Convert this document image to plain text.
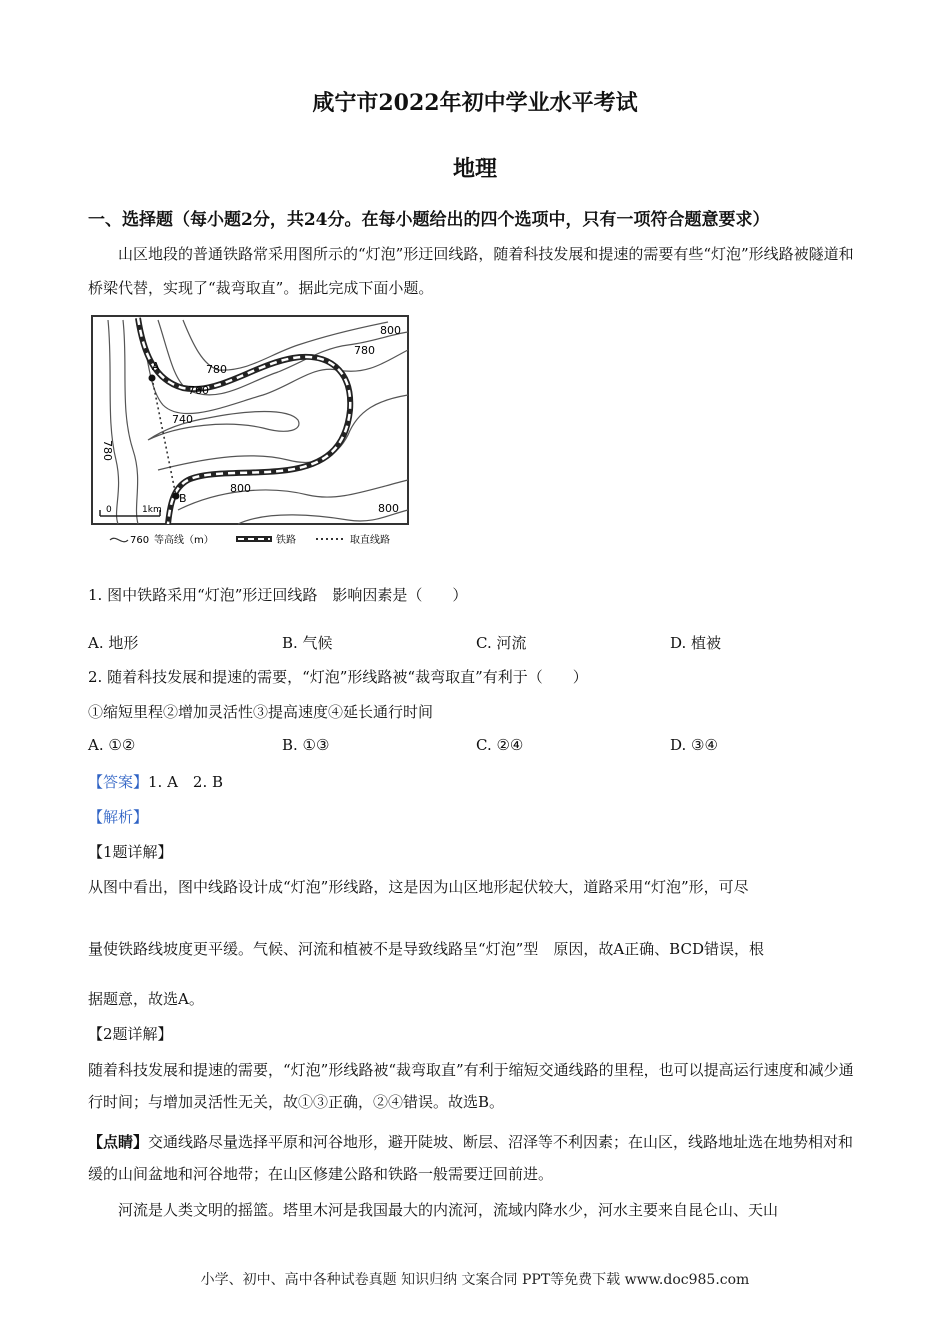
咸宁市2022年初中学业水平考试
地理
一、选择题（每小题2分，共24分。在每小题给出的四个选项中，只有一项符合题意要求）
山区地段的普通铁路常采用图所示的“灯泡”形迂回线路，随着科技发展和提速的需要有些“灯泡”形线路被隧道和桥梁代替，实现了“裁弯取直”。据此完成下面小题。
A
B
800
780
780
760
740
780
800
800
0	1km
760 等高线（m）	铁路	取直线路
1. 图中铁路采用“灯泡”形迂回线路　影响因素是（　　）
A. 地形	B. 气候	C. 河流	D. 植被
2. 随着科技发展和提速的需要，“灯泡”形线路被“裁弯取直”有利于（　　）
①缩短里程②增加灵活性③提高速度④延长通行时间
A. ①②	B. ①③	C. ②④	D. ③④
【答案】1. A　2. B
【解析】
【1题详解】
从图中看出，图中线路设计成“灯泡”形线路，这是因为山区地形起伏较大，道路采用“灯泡”形，可尽
量使铁路线坡度更平缓。气候、河流和植被不是导致线路呈“灯泡”型　原因，故A正确、BCD错误，根
据题意，故选A。
【2题详解】
随着科技发展和提速的需要，“灯泡”形线路被“裁弯取直”有利于缩短交通线路的里程，也可以提高运行速度和减少通行时间；与增加灵活性无关，故①③正确，②④错误。故选B。
【点睛】交通线路尽量选择平原和河谷地形，避开陡坡、断层、沼泽等不利因素；在山区，线路地址选在地势相对和缓的山间盆地和河谷地带；在山区修建公路和铁路一般需要迂回前进。
河流是人类文明的摇篮。塔里木河是我国最大的内流河，流域内降水少，河水主要来自昆仑山、天山
小学、初中、高中各种试卷真题 知识归纳 文案合同 PPT等免费下载 www.doc985.com
